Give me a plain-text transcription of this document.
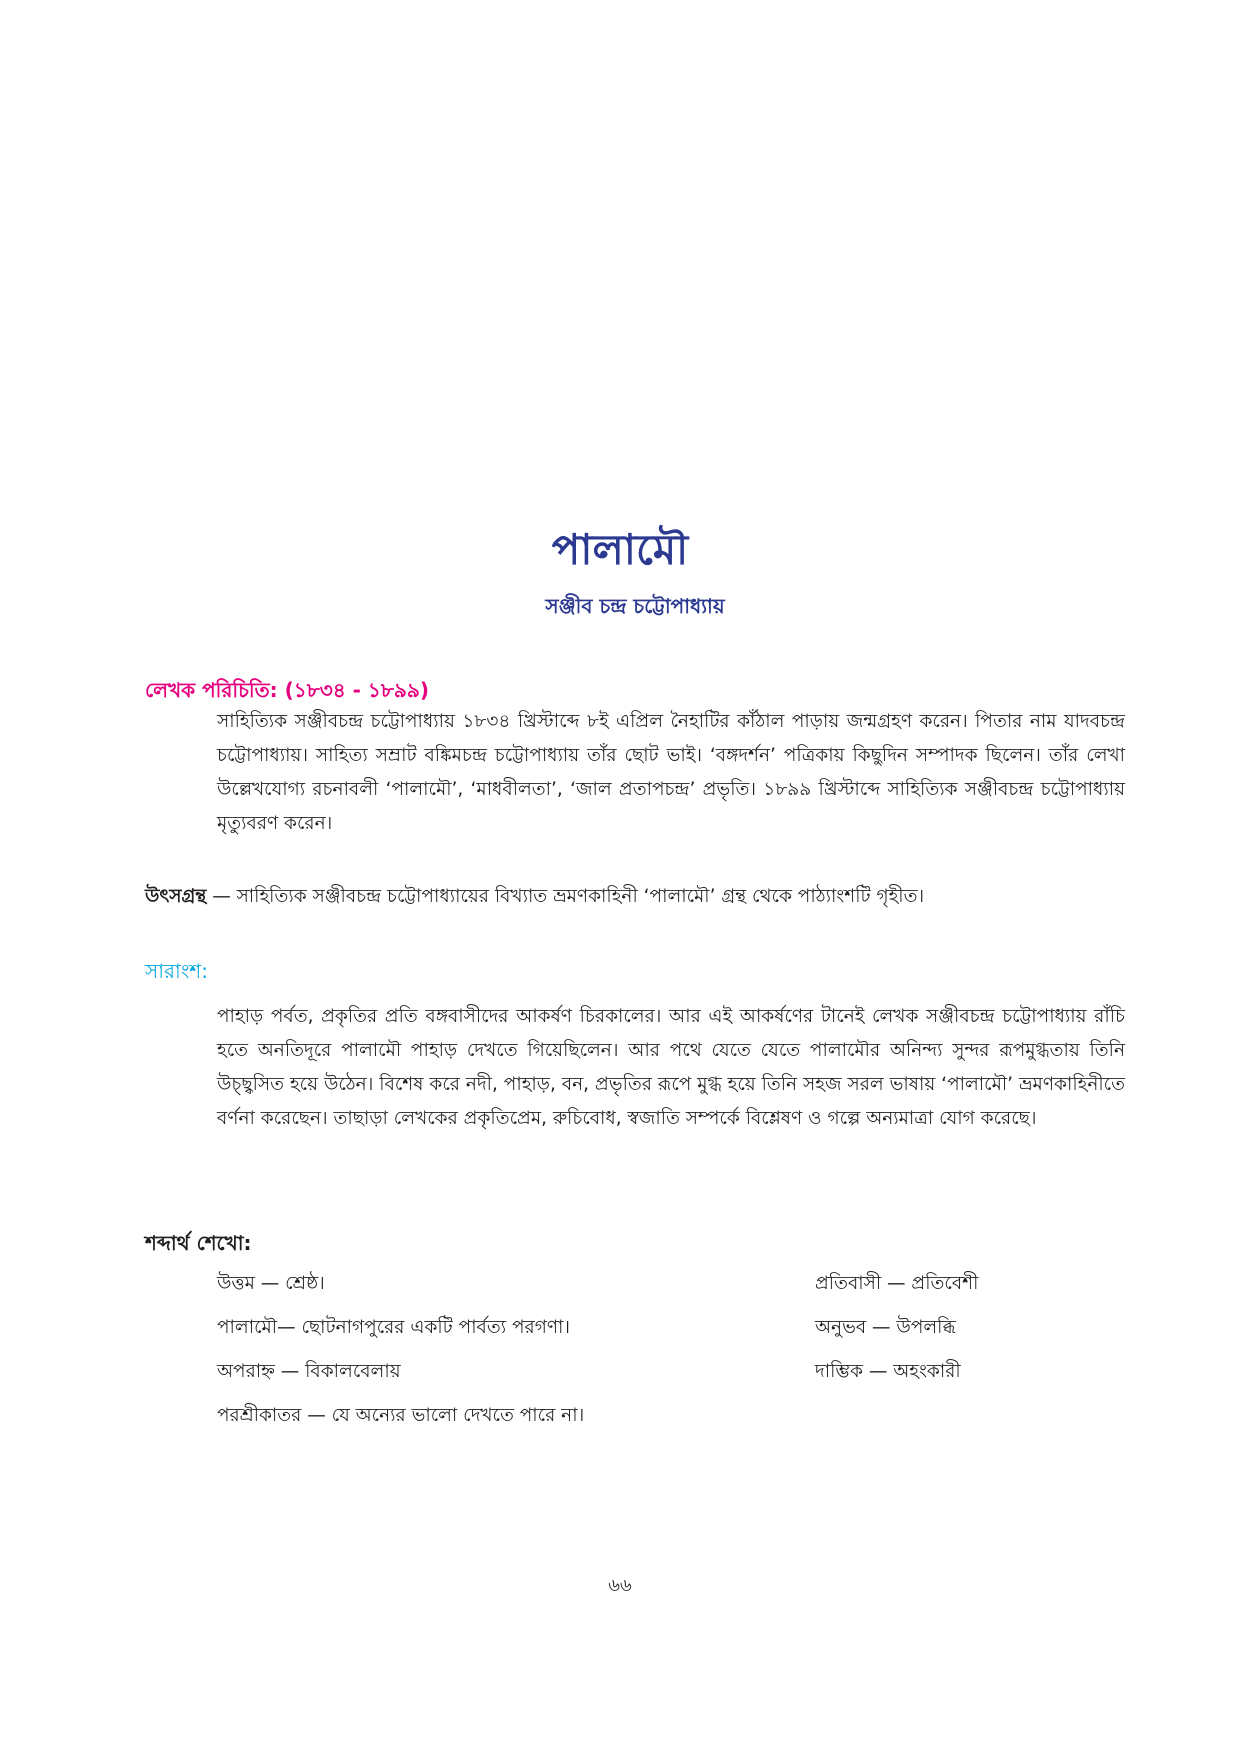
পালামৌ
সঞ্জীব চন্দ্র চট্টোপাধ্যায়
লেখক পরিচিতি: (১৮৩৪ - ১৮৯৯)

সাহিত্যিক সঞ্জীবচন্দ্র চট্টোপাধ্যায় ১৮৩৪ খ্রিস্টাব্দে ৮ই এপ্রিল নৈহাটির কাঁঠাল পাড়ায় জন্মগ্রহণ করেন। পিতার নাম যাদবচন্দ্র চট্টোপাধ্যায়। সাহিত্য সম্রাট বঙ্কিমচন্দ্র চট্টোপাধ্যায় তাঁর ছোট ভাই। ‘বঙ্গদর্শন’ পত্রিকায় কিছুদিন সম্পাদক ছিলেন। তাঁর লেখা উল্লেখযোগ্য রচনাবলী ‘পালামৌ’, ‘মাধবীলতা’, ‘জাল প্রতাপচন্দ্র’ প্রভৃতি। ১৮৯৯ খ্রিস্টাব্দে সাহিত্যিক সঞ্জীবচন্দ্র চট্টোপাধ্যায় মৃত্যুবরণ করেন।

উৎসগ্রন্থ — সাহিত্যিক সঞ্জীবচন্দ্র চট্টোপাধ্যায়ের বিখ্যাত ভ্রমণকাহিনী ‘পালামৌ’ গ্রন্থ থেকে পাঠ্যাংশটি গৃহীত।

সারাংশ:

পাহাড় পর্বত, প্রকৃতির প্রতি বঙ্গবাসীদের আকর্ষণ চিরকালের। আর এই আকর্ষণের টানেই লেখক সঞ্জীবচন্দ্র চট্টোপাধ্যায় রাঁচি হতে অনতিদূরে পালামৌ পাহাড় দেখতে গিয়েছিলেন। আর পথে যেতে যেতে পালামৌর অনিন্দ্য সুন্দর রূপমুগ্ধতায় তিনি উচ্ছ্বসিত হয়ে উঠেন। বিশেষ করে নদী, পাহাড়, বন, প্রভৃতির রূপে মুগ্ধ হয়ে তিনি সহজ সরল ভাষায় ‘পালামৌ’ ভ্রমণকাহিনীতে বর্ণনা করেছেন। তাছাড়া লেখকের প্রকৃতিপ্রেম, রুচিবোধ, স্বজাতি সম্পর্কে বিশ্লেষণ ও গল্পে অন্যমাত্রা যোগ করেছে।

শব্দার্থ শেখো:
উত্তম — শ্রেষ্ঠ।
পালামৌ— ছোটনাগপুরের একটি পার্বত্য পরগণা।
অপরাহ্ন — বিকালবেলায়
পরশ্রীকাতর — যে অন্যের ভালো দেখতে পারে না।
প্রতিবাসী — প্রতিবেশী
অনুভব — উপলব্ধি
দাম্ভিক — অহংকারী
৬৬
